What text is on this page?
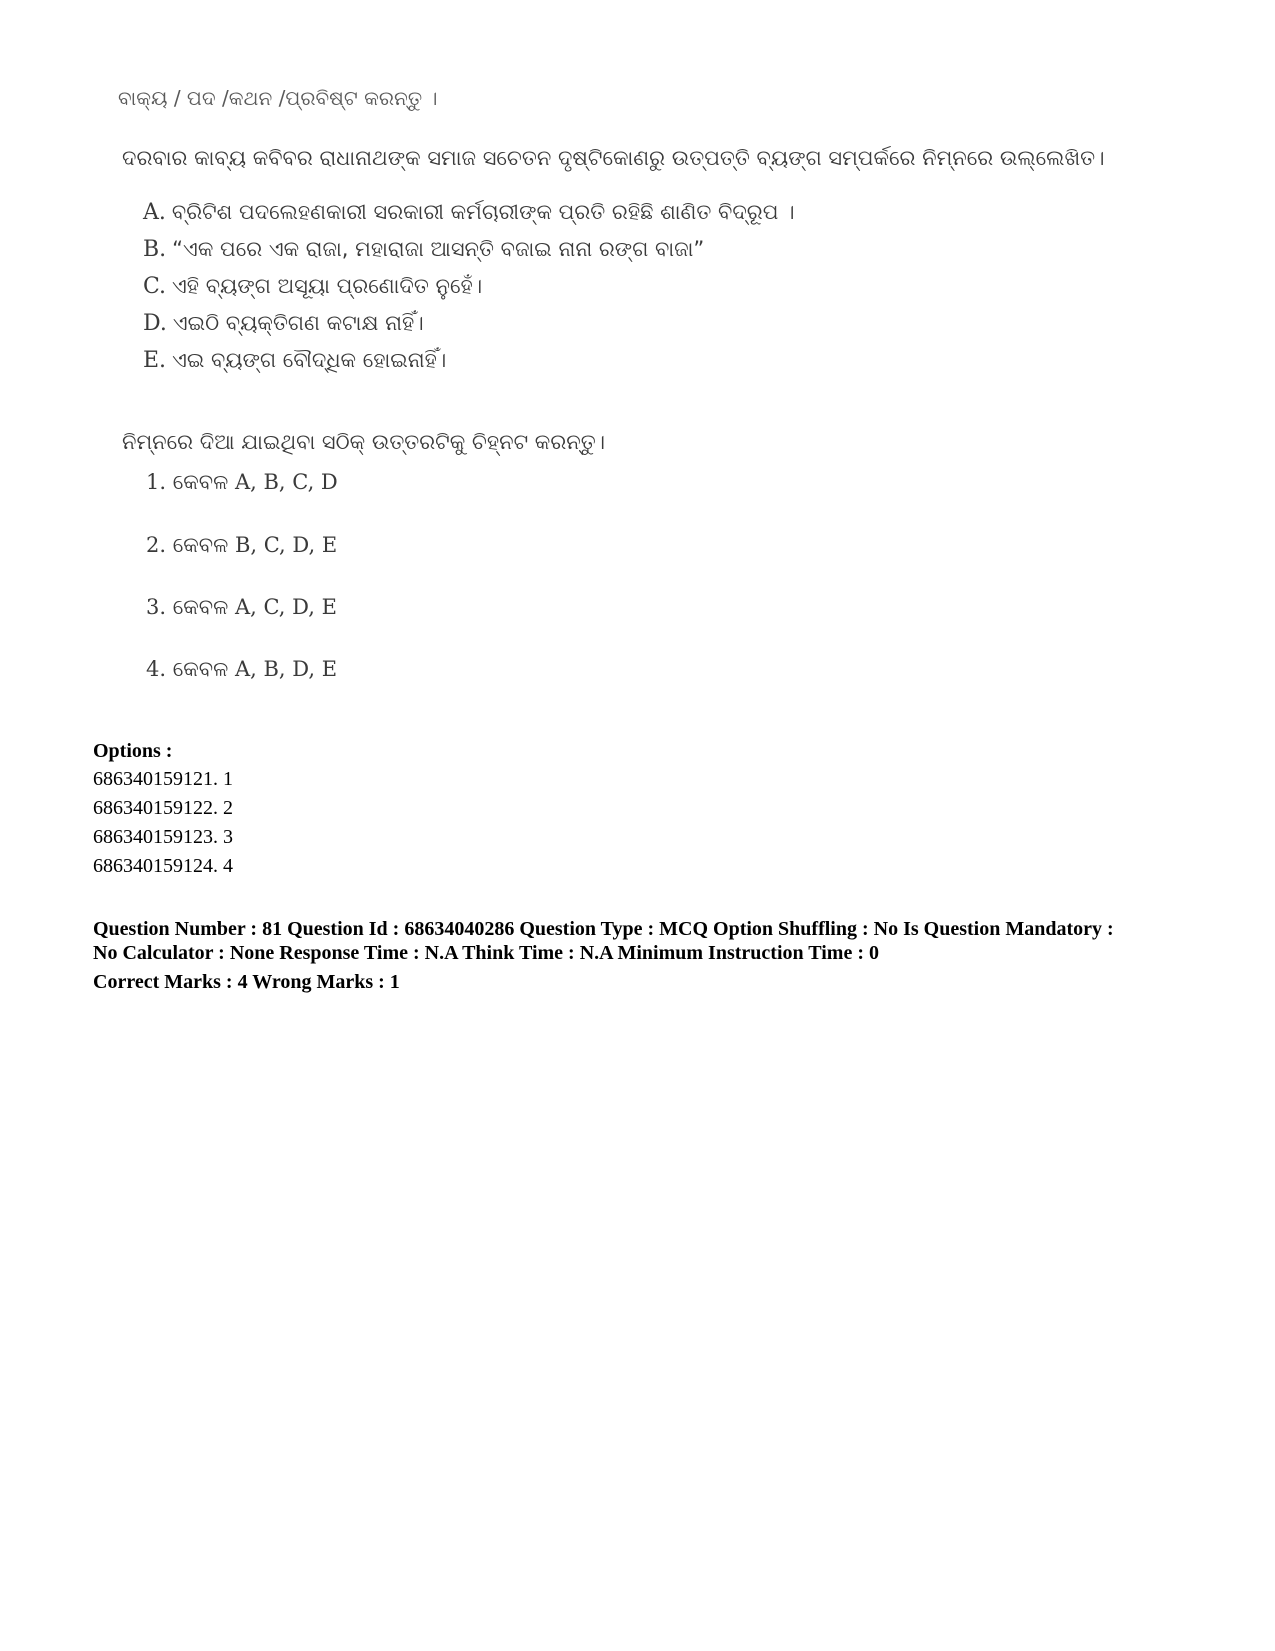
ବାକ୍ୟ / ପଦ /କଥନ /ପ୍ରବିଷ୍ଟ କରନ୍ତୁ ।

ଦରବାର କାବ୍ୟ କବିବର ରାଧାନାଥଙ୍କ ସମାଜ ସଚେତନ ଦୃଷ୍ଟିକୋଣରୁ ଉତ୍ପତ୍ତି ବ୍ୟଙ୍ଗ ସମ୍ପର୍କରେ ନିମ୍ନରେ ଉଲ୍ଲେଖିତ।

A. ବ୍ରିଟିଶ ପଦଲେହଣକାରୀ ସରକାରୀ କର୍ମଚାରୀଙ୍କ ପ୍ରତି ରହିଛି ଶାଣିତ ବିଦ୍ରୂପ ।

B. “ଏକ ପରେ ଏକ ରାଜା, ମହାରାଜା ଆସନ୍ତି ବଜାଇ ନାନା ରଙ୍ଗ ବାଜା”

C. ଏହି ବ୍ୟଙ୍ଗ ଅସୂୟା ପ୍ରଣୋଦିତ ନୁହେଁ।

D. ଏଇଠି ବ୍ୟକ୍ତିଗଣ କଟାକ୍ଷ ନାହିଁ।

E. ଏଇ ବ୍ୟଙ୍ଗ ବୌଦ୍ଧିକ ହୋଇନାହିଁ।

ନିମ୍ନରେ ଦିଆ ଯାଇଥିବା ସଠିକ୍ ଉତ୍ତରଟିକୁ ଚିହ୍ନଟ କରନ୍ତୁ।

1. କେବଳ A, B, C, D

2. କେବଳ B, C, D, E

3. କେବଳ A, C, D, E

4. କେବଳ A, B, D, E

Options :

686340159121. 1

686340159122. 2

686340159123. 3

686340159124. 4

Question Number : 81 Question Id : 68634040286 Question Type : MCQ Option Shuffling : No Is Question Mandatory :

No Calculator : None Response Time : N.A Think Time : N.A Minimum Instruction Time : 0

Correct Marks : 4 Wrong Marks : 1
